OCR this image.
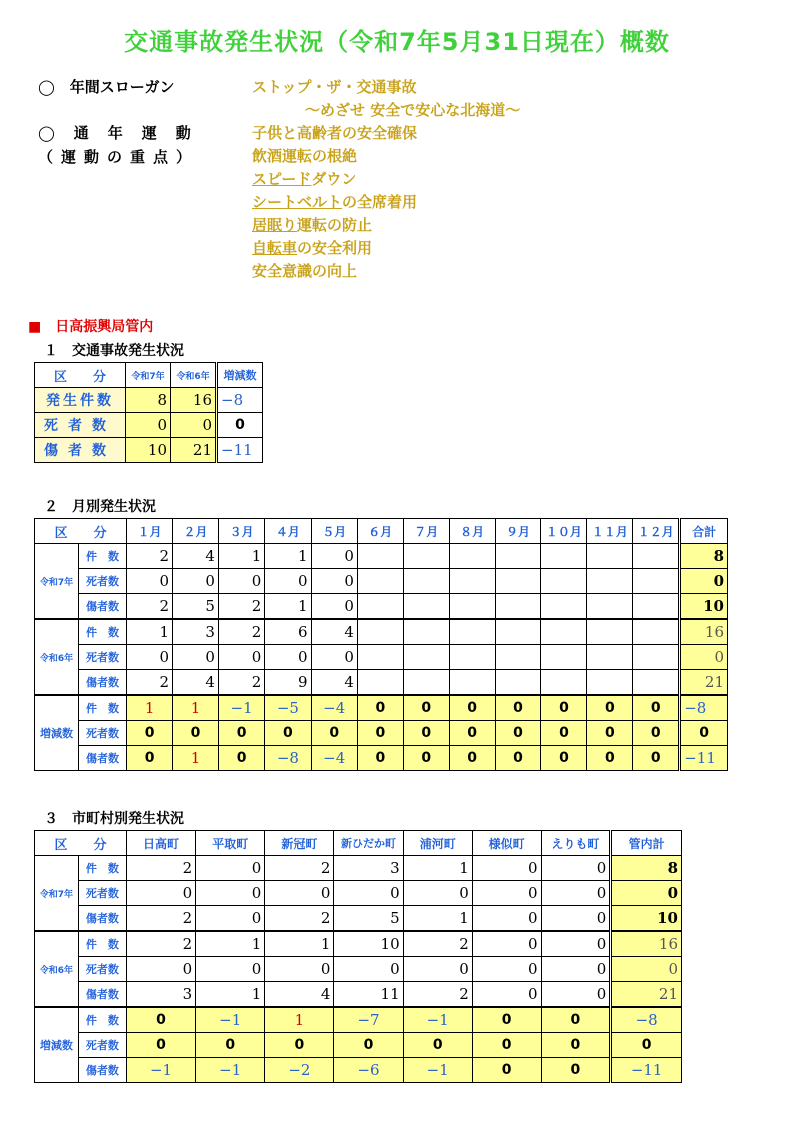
交通事故発生状況（令和7年5月31日現在）概数
◯　年間スローガン	ストップ・ザ・交通事故
～めざせ 安全で安心な北海道～
◯　通　年　運　動
（運動の重点）
子供と高齢者の安全確保
飲酒運転の根絶
スピードダウン
シートベルトの全席着用
居眠り運転の防止
自転車の安全利用
安全意識の向上
■　日高振興局管内
１　交通事故発生状況
区　　分	令和7年	令和6年	増減数
発生件数	8	16	−8
死者数	0	0	0
傷者数	10	21	−11
２　月別発生状況
区　　分		１月	２月	３月	４月	５月	６月	７月	８月	９月	１０月	１１月	１２月	合計
令和7年	件　数	2	4	1	1	0								8
	死者数	0	0	0	0	0								0
	傷者数	2	5	2	1	0								10
令和6年	件　数	1	3	2	6	4								16
	死者数	0	0	0	0	0								0
	傷者数	2	4	2	9	4								21
増減数	件　数	1	1	−1	−5	−4	0	0	0	0	0	0	0	−8
	死者数	0	0	0	0	0	0	0	0	0	0	0	0	0
	傷者数	0	1	0	−8	−4	0	0	0	0	0	0	0	−11
３　市町村別発生状況
区　　分		日高町	平取町	新冠町	新ひだか町	浦河町	様似町	えりも町	管内計
令和7年	件　数	2	0	2	3	1	0	0	8
	死者数	0	0	0	0	0	0	0	0
	傷者数	2	0	2	5	1	0	0	10
令和6年	件　数	2	1	1	10	2	0	0	16
	死者数	0	0	0	0	0	0	0	0
	傷者数	3	1	4	11	2	0	0	21
増減数	件　数	0	−1	1	−7	−1	0	0	−8
	死者数	0	0	0	0	0	0	0	0
	傷者数	−1	−1	−2	−6	−1	0	0	−11
